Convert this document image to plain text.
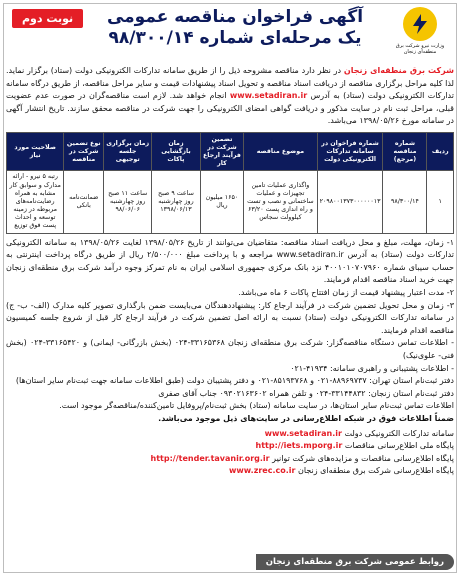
وزارت نیرو شرکت برق منطقه‌ای زنجان
آگهی فراخوان مناقصه عمومی
یک مرحله‌ای شماره ۹۸/۳۰۰/۱۴
نوبت دوم
شرکت برق منطقه‌ای زنجان در نظر دارد مناقصه مشروحه ذیل را از طریق سامانه تدارکات الکترونیکی دولت (ستاد) برگزار نماید. لذا کلیه مراحل برگزاری مناقصه از دریافت اسناد مناقصه و تحویل اسناد پیشنهادات قیمت و سایر مراحل مناقصه، از طریق درگاه سامانه تدارکات الکترونیکی دولت (ستاد) به آدرس www.setadiran.ir انجام خواهد شد. لازم است مناقصه‌گران در صورت عدم عضویت قبلی، مراحل ثبت نام در سایت مذکور و دریافت گواهی امضای الکترونیکی را جهت شرکت در مناقصه محقق سازند. تاریخ انتشار آگهی در سامانه مورخ ۱۳۹۸/۰۵/۲۶ می‌باشد.
ردیف	شماره مناقصه (مرجع)	شماره فراخوان در سامانه تدارکات الکترونیکی دولت	موضوع مناقصه	تضمین شرکت در فرآیند ارجاع کار	زمان بازگشایی پاکات	زمان برگزاری جلسه توجیهی	نوع تضمین شرکت در مناقصه	صلاحیت مورد نیاز
۱	۹۸/۳۰۰/۱۴	۲۰۹۸۰۰۱۳۷۳۰۰۰۰۰۰۱۳	واگذاری عملیات تامین تجهیزات و عملیات ساختمانی و نصب و تست و راه اندازی پست ۶۳/۲۰ کیلوولت سجاس	۱۶۵۰ میلیون ریال	ساعت ۹ صبح روز چهارشنبه ۱۳۹۸/۰۶/۱۳	ساعت ۱۱ صبح روز چهارشنبه ۹۸/۰۶/۰۶	ضمانت‌نامه بانکی	رتبه ۵ نیرو - ارائه مدارک و سوابق کار مشابه به همراه رضایت‌نامه‌های مربوطه در زمینه توسعه و احداث پست فوق توزیع
۱- زمان، مهلت، مبلغ و محل دریافت اسناد مناقصه: متقاضیان می‌توانند از تاریخ ۱۳۹۸/۰۵/۲۶ لغایت ۱۳۹۸/۰۵/۲۶ به سامانه الکترونیکی تدارکات دولت (ستاد) به آدرس www.setadiran.ir مراجعه و با پرداخت مبلغ ۲/۵۰۰/۰۰۰ ریال از طریق درگاه پرداخت اینترنتی به حساب سیبای شماره ۴۰۰۱۰۱۰۷۰۷۹۶۰ نزد بانک مرکزی جمهوری اسلامی ایران به نام تمرکز وجوه درآمد شرکت برق منطقه‌ای زنجان جهت خرید اسناد مناقصه اقدام فرمایند.
۲- مدت اعتبار پیشنهاد قیمت از زمان افتتاح پاکات ۶ ماه می‌باشد.
۳- زمان و محل تحویل تضمین شرکت در فرآیند ارجاع کار: پیشنهاددهندگان می‌بایست ضمن بارگذاری تصویر کلیه مدارک (الف- ب- ج) در سامانه تدارکات الکترونیکی دولت (ستاد) نسبت به ارائه اصل تضمین شرکت در فرآیند ارجاع کار قبل از شروع جلسه کمیسیون مناقصه اقدام فرمایند.
- اطلاعات تماس دستگاه مناقصه‌گزار: شرکت برق منطقه‌ای زنجان ۳۳۱۶۵۳۶۸-۰۲۴ (بخش بازرگانی- ایمانی) و ۳۳۱۶۵۴۲۰-۰۲۴ (بخش فنی- علوی‌نیک)
- اطلاعات پشتیبانی و راهبری سامانه: ۴۱۹۳۴-۰۲۱
دفتر ثبت‌نام استان تهران: ۸۸۹۶۹۷۳۷-۰۲۱ و ۸۵۱۹۳۷۶۸-۰۲۱ و دفتر پشتیبان دولت (طبق اطلاعات سامانه جهت ثبت‌نام سایر استان‌ها)
دفتر ثبت‌نام استان زنجان: ۳۳۱۴۴۸۳۲-۰۲۴ و تلفن همراه ۰۹۳۰۲۱۶۳۶۰۲ جناب آقای صفری
اطلاعات تماس ثبت‌نام سایر استان‌ها، در سایت سامانه (ستاد) بخش ثبت‌نام/پروفایل تامین‌کننده/مناقصه‌گر موجود است.
ضمناً اطلاعات فوق در شبکه اطلاع‌رسانی در سایت‌های ذیل موجود می‌باشد.
سامانه تدارکات الکترونیکی دولت www.setadiran.ir
پایگاه ملی اطلاع‌رسانی مناقصات http://iets.mporg.ir
پایگاه اطلاع‌رسانی مناقصات و مزایده‌های شرکت توانیر http://tender.tavanir.org.ir
پایگاه اطلاع‌رسانی شرکت برق منطقه‌ای زنجان www.zrec.co.ir
روابط عمومی شرکت برق منطقه‌ای زنجان
